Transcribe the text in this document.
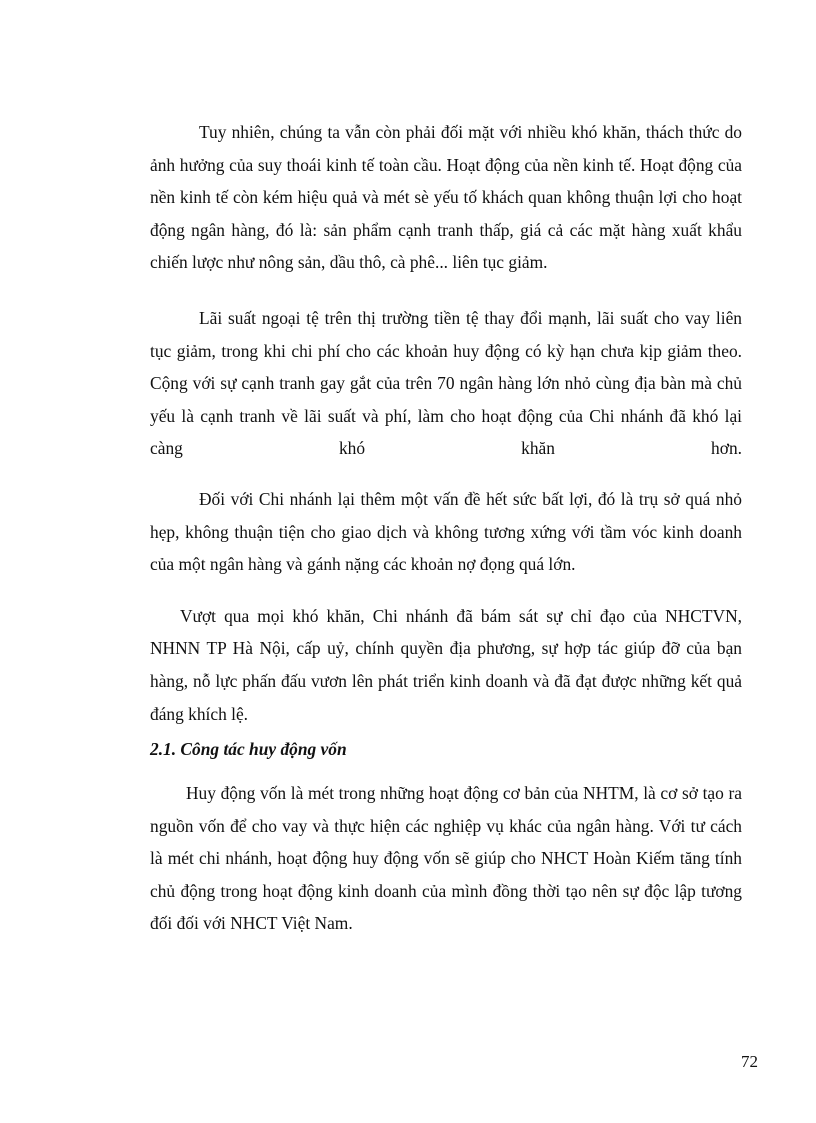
Tuy nhiên, chúng ta vẫn còn phải đối mặt với nhiều khó khăn, thách thức do ảnh hưởng của suy thoái kinh tế toàn cầu. Hoạt động của nền kinh tế. Hoạt động của nền kinh tế còn kém hiệu quả và mét sè yếu tố khách quan không thuận lợi cho hoạt động ngân hàng, đó là: sản phẩm cạnh tranh thấp, giá cả các mặt hàng xuất khẩu chiến lược như nông sản, dầu thô, cà phê... liên tục giảm.

Lãi suất ngoại tệ trên thị trường tiền tệ thay đổi mạnh, lãi suất cho vay liên tục giảm, trong khi chi phí cho các khoản huy động có kỳ hạn chưa kịp giảm theo. Cộng với sự cạnh tranh gay gắt của trên 70 ngân hàng lớn nhỏ cùng địa bàn mà chủ yếu là cạnh tranh về lãi suất và phí, làm cho hoạt động của Chi nhánh đã khó lại càng khó khăn hơn.

Đối với Chi nhánh lại thêm một vấn đề hết sức bất lợi, đó là trụ sở quá nhỏ hẹp, không thuận tiện cho giao dịch và không tương xứng với tầm vóc kinh doanh của một ngân hàng và gánh nặng các khoản nợ đọng quá lớn.

Vượt qua mọi khó khăn, Chi nhánh đã bám sát sự chỉ đạo của NHCTVN, NHNN TP Hà Nội, cấp uỷ, chính quyền địa phương, sự hợp tác giúp đỡ của bạn hàng, nỗ lực phấn đấu vươn lên phát triển kinh doanh và đã đạt được những kết quả đáng khích lệ.

2.1. Công tác huy động vốn

Huy động vốn là mét trong những hoạt động cơ bản của NHTM, là cơ sở tạo ra nguồn vốn để cho vay và thực hiện các nghiệp vụ khác của ngân hàng. Với tư cách là mét chi nhánh, hoạt động huy động vốn sẽ giúp cho NHCT Hoàn Kiếm tăng tính chủ động trong hoạt động kinh doanh của mình đồng thời tạo nên sự độc lập tương đối đối với NHCT Việt Nam.

72
